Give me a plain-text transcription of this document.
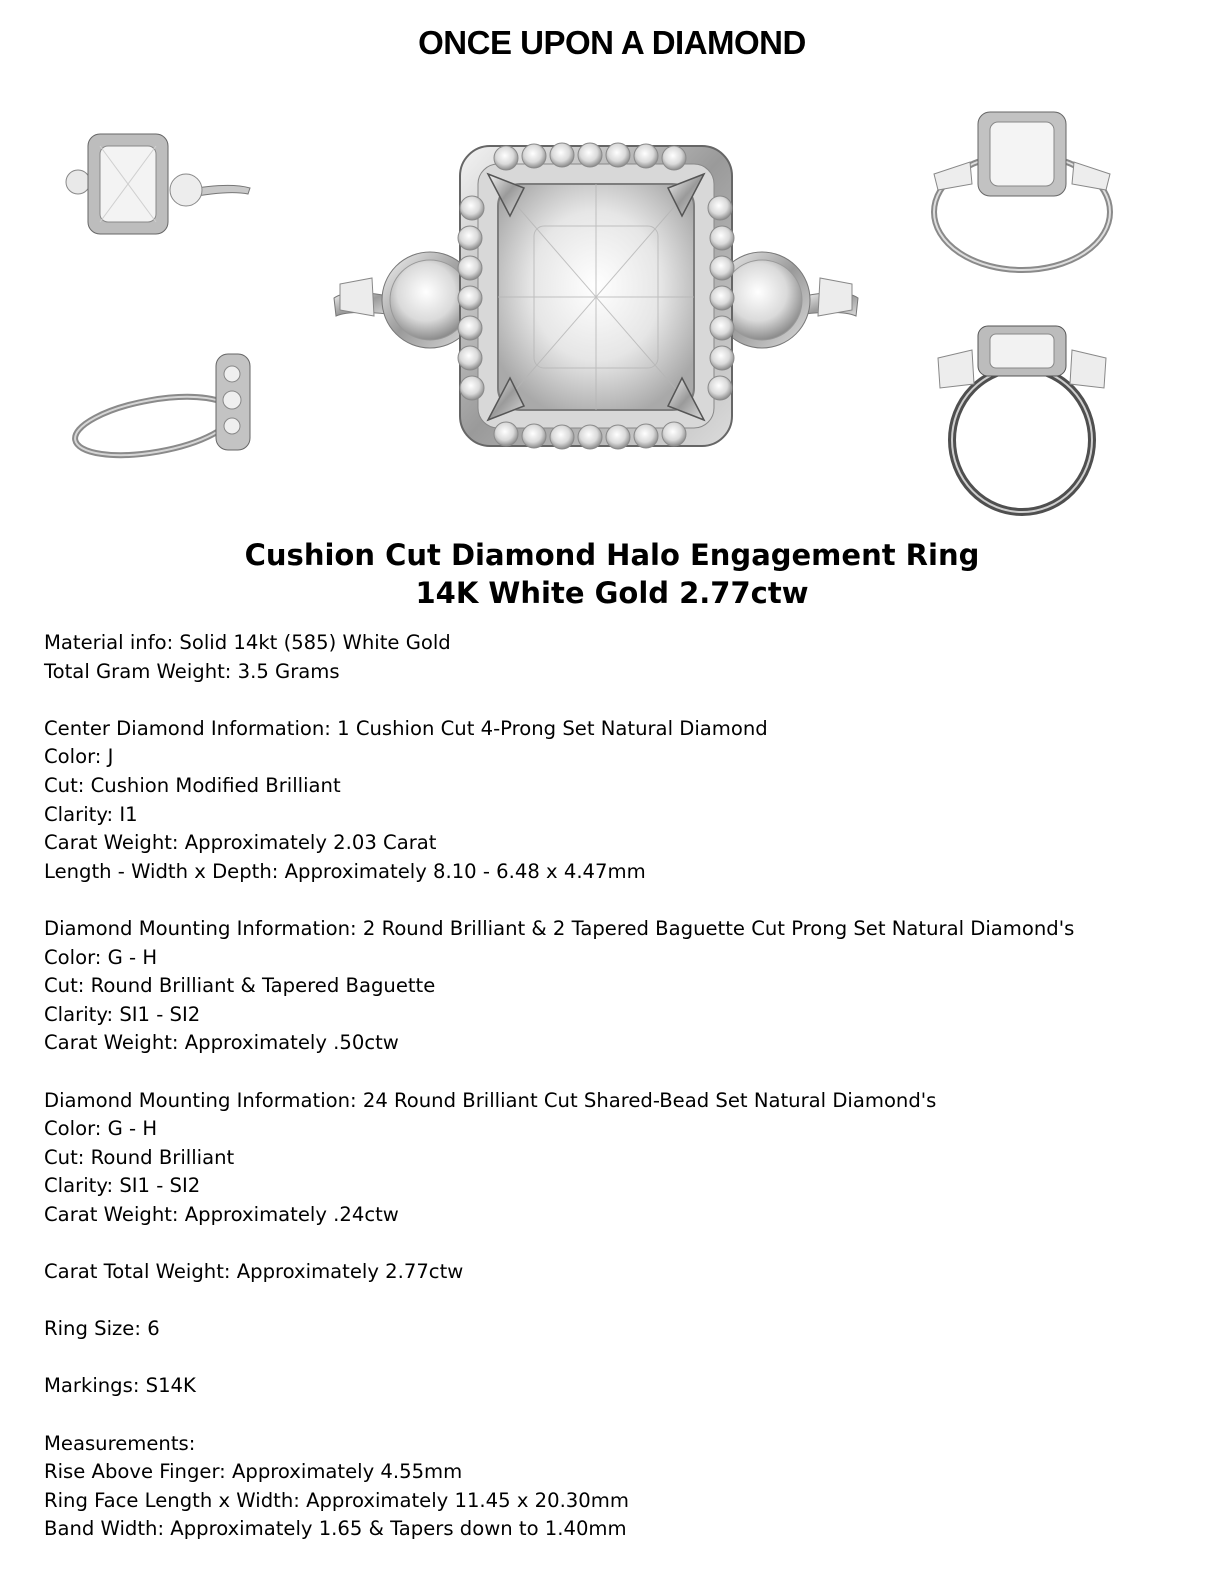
ONCE UPON A DIAMOND
Cushion Cut Diamond Halo Engagement Ring
14K White Gold 2.77ctw
Material info: Solid 14kt (585) White Gold
Total Gram Weight: 3.5 Grams
Center Diamond Information: 1 Cushion Cut 4-Prong Set Natural Diamond
Color: J
Cut: Cushion Modified Brilliant
Clarity: I1
Carat Weight: Approximately 2.03 Carat
Length - Width x Depth: Approximately 8.10 - 6.48 x 4.47mm
Diamond Mounting Information: 2 Round Brilliant & 2 Tapered Baguette Cut Prong Set Natural Diamond's
Color: G - H
Cut: Round Brilliant & Tapered Baguette
Clarity: SI1 - SI2
Carat Weight: Approximately .50ctw
Diamond Mounting Information: 24 Round Brilliant Cut Shared-Bead Set Natural Diamond's
Color: G - H
Cut: Round Brilliant
Clarity: SI1 - SI2
Carat Weight: Approximately .24ctw
Carat Total Weight: Approximately 2.77ctw
Ring Size: 6
Markings: S14K
Measurements:
Rise Above Finger: Approximately 4.55mm
Ring Face Length x Width: Approximately 11.45 x 20.30mm
Band Width: Approximately 1.65 & Tapers down to 1.40mm
